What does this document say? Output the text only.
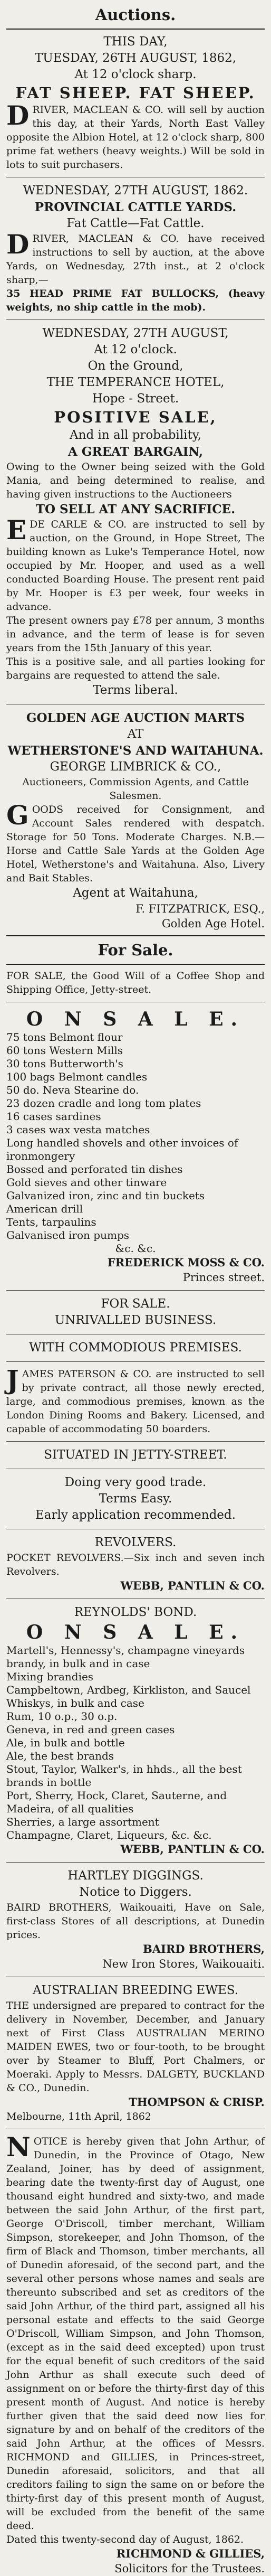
Auctions.

THIS DAY,

TUESDAY, 26TH AUGUST, 1862,

At 12 o'clock sharp.

FAT SHEEP. FAT SHEEP.

DRIVER, MACLEAN & CO. will sell by auction this day, at their Yards, North East Valley opposite the Albion Hotel, at 12 o'clock sharp, 800 prime fat wethers (heavy weights.) Will be sold in lots to suit purchasers.

WEDNESDAY, 27TH AUGUST, 1862.

PROVINCIAL CATTLE YARDS.

Fat Cattle—Fat Cattle.

DRIVER, MACLEAN & CO. have received instructions to sell by auction, at the above Yards, on Wednesday, 27th inst., at 2 o'clock sharp,—

35 HEAD PRIME FAT BULLOCKS, (heavy weights, no ship cattle in the mob).

WEDNESDAY, 27TH AUGUST,

At 12 o'clock.

On the Ground,

THE TEMPERANCE HOTEL,

Hope - Street.

POSITIVE SALE,

And in all probability,

A GREAT BARGAIN,

Owing to the Owner being seized with the Gold Mania, and being determined to realise, and having given instructions to the Auctioneers

TO SELL AT ANY SACRIFICE.

EDE CARLE & CO. are instructed to sell by auction, on the Ground, in Hope Street, The building known as Luke's Temperance Hotel, now occupied by Mr. Hooper, and used as a well conducted Boarding House. The present rent paid by Mr. Hooper is £3 per week, four weeks in advance.

The present owners pay £78 per annum, 3 months in advance, and the term of lease is for seven years from the 15th January of this year.

This is a positive sale, and all parties looking for bargains are requested to attend the sale.

Terms liberal.

GOLDEN AGE AUCTION MARTS

AT

WETHERSTONE'S AND WAITAHUNA.

GEORGE LIMBRICK & CO.,

Auctioneers, Commission Agents, and Cattle Salesmen.

GOODS received for Consignment, and Account Sales rendered with despatch. Storage for 50 Tons. Moderate Charges. N.B.—Horse and Cattle Sale Yards at the Golden Age Hotel, Wetherstone's and Waitahuna. Also, Livery and Bait Stables.

Agent at Waitahuna,

F. FITZPATRICK, ESQ.,

Golden Age Hotel.

For Sale.

FOR SALE, the Good Will of a Coffee Shop and Shipping Office, Jetty-street.

O N S A L E.

75 tons Belmont flour
60 tons Western Mills
30 tons Butterworth's
100 bags Belmont candles
50 do. Neva Stearine do.
23 dozen cradle and long tom plates
16 cases sardines
3 cases wax vesta matches
Long handled shovels and other invoices of ironmongery
Bossed and perforated tin dishes
Gold sieves and other tinware
Galvanized iron, zinc and tin buckets
American drill
Tents, tarpaulins
Galvanised iron pumps
&c. &c.

FREDERICK MOSS & CO.

Princes street.

FOR SALE.

UNRIVALLED BUSINESS.

WITH COMMODIOUS PREMISES.

JAMES PATERSON & CO. are instructed to sell by private contract, all those newly erected, large, and commodious premises, known as the London Dining Rooms and Bakery. Licensed, and capable of accommodating 50 boarders.

SITUATED IN JETTY-STREET.

Doing very good trade.

Terms Easy.

Early application recommended.

REVOLVERS.

POCKET REVOLVERS.—Six inch and seven inch Revolvers.

WEBB, PANTLIN & CO.

REYNOLDS' BOND.

O N S A L E.

Martell's, Hennessy's, champagne vineyards brandy, in bulk and in case
Mixing brandies
Campbeltown, Ardbeg, Kirkliston, and Saucel Whiskys, in bulk and case
Rum, 10 o.p., 30 o.p.
Geneva, in red and green cases
Ale, in bulk and bottle
Ale, the best brands
Stout, Taylor, Walker's, in hhds., all the best brands in bottle
Port, Sherry, Hock, Claret, Sauterne, and Madeira, of all qualities
Sherries, a large assortment
Champagne, Claret, Liqueurs, &c. &c.

WEBB, PANTLIN & CO.

HARTLEY DIGGINGS.

Notice to Diggers.

BAIRD BROTHERS, Waikouaiti, Have on Sale, first-class Stores of all descriptions, at Dunedin prices.

BAIRD BROTHERS,

New Iron Stores, Waikouaiti.

AUSTRALIAN BREEDING EWES.

THE undersigned are prepared to contract for the delivery in November, December, and January next of First Class AUSTRALIAN MERINO MAIDEN EWES, two or four-tooth, to be brought over by Steamer to Bluff, Port Chalmers, or Moeraki. Apply to Messrs. DALGETY, BUCKLAND & CO., Dunedin.

THOMPSON & CRISP.

Melbourne, 11th April, 1862

NOTICE is hereby given that John Arthur, of Dunedin, in the Province of Otago, New Zealand, Joiner, has by deed of assignment, bearing date the twenty-first day of August, one thousand eight hundred and sixty-two, and made between the said John Arthur, of the first part, George O'Driscoll, timber merchant, William Simpson, storekeeper, and John Thomson, of the firm of Black and Thomson, timber merchants, all of Dunedin aforesaid, of the second part, and the several other persons whose names and seals are thereunto subscribed and set as creditors of the said John Arthur, of the third part, assigned all his personal estate and effects to the said George O'Driscoll, William Simpson, and John Thomson, (except as in the said deed excepted) upon trust for the equal benefit of such creditors of the said John Arthur as shall execute such deed of assignment on or before the thirty-first day of this present month of August. And notice is hereby further given that the said deed now lies for signature by and on behalf of the creditors of the said John Arthur, at the offices of Messrs. RICHMOND and GILLIES, in Princes-street, Dunedin aforesaid, solicitors, and that all creditors failing to sign the same on or before the thirty-first day of this present month of August, will be excluded from the benefit of the same deed.

Dated this twenty-second day of August, 1862.

RICHMOND & GILLIES,

Solicitors for the Trustees.
